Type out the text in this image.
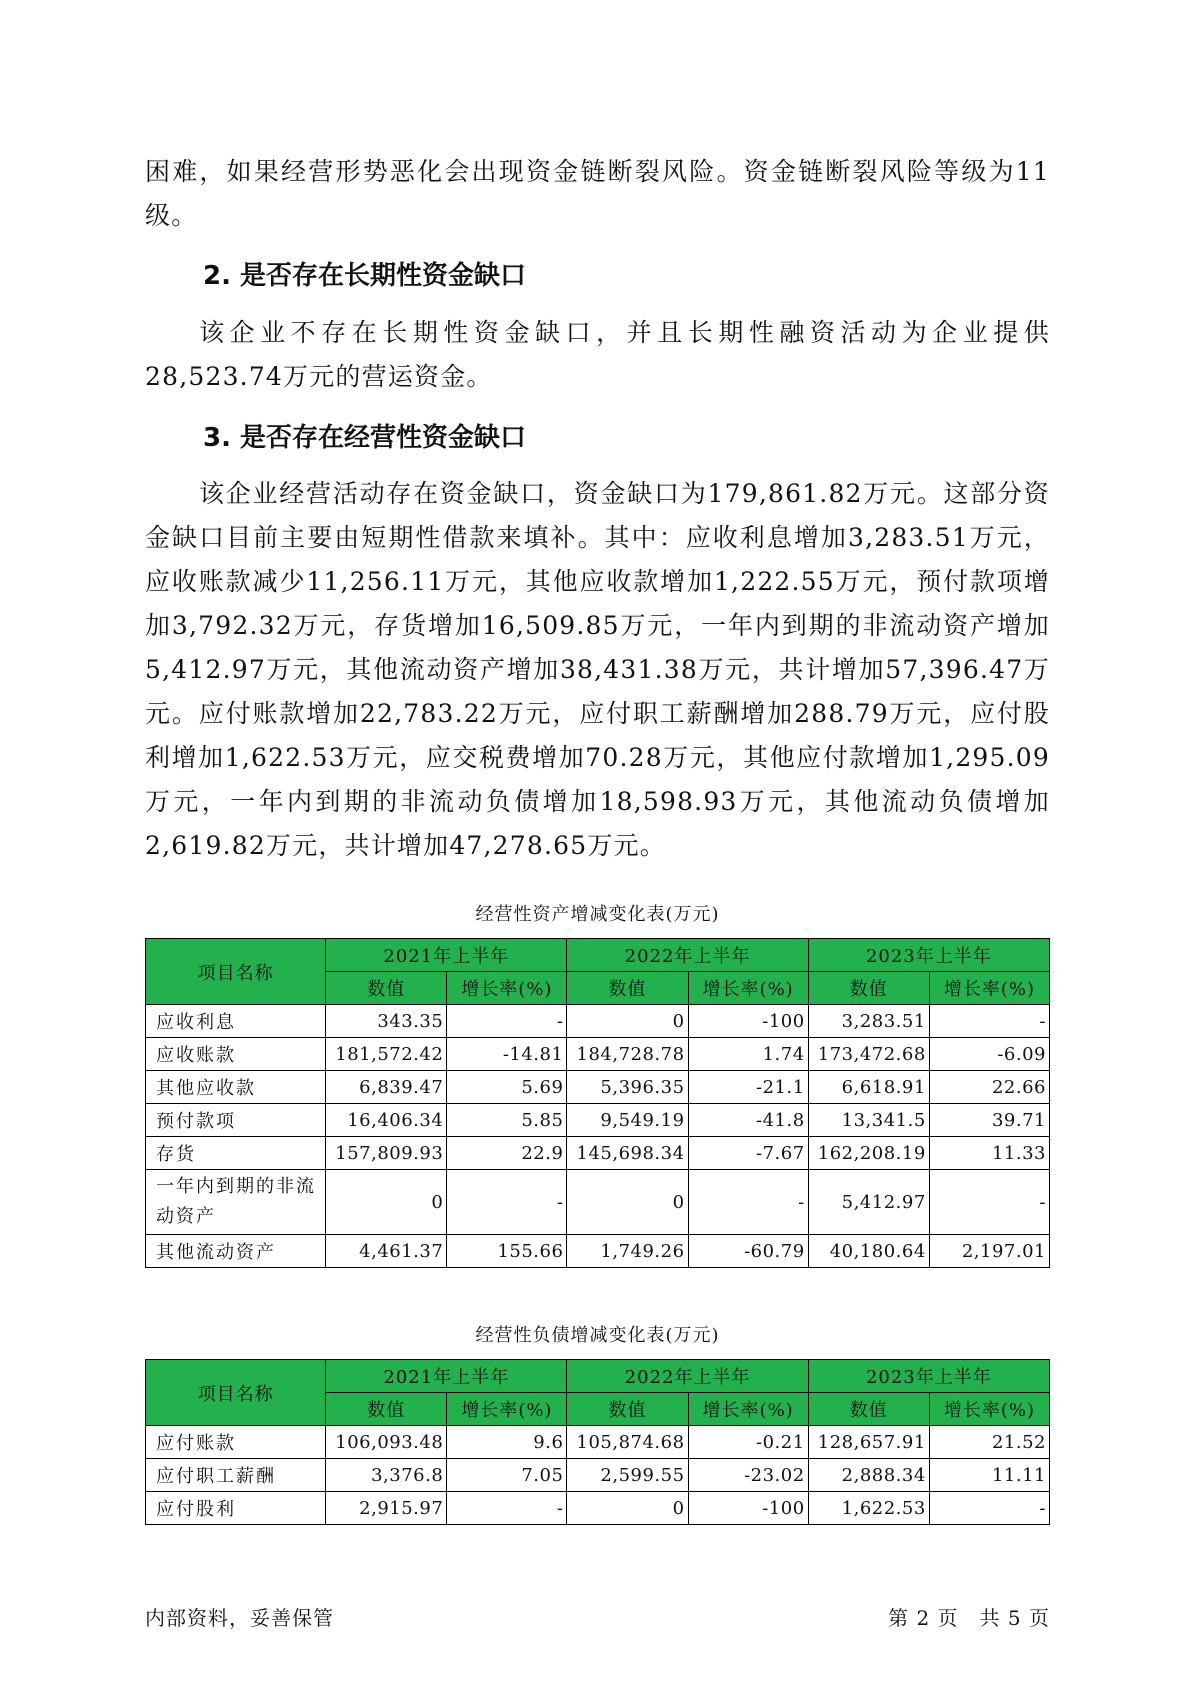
困难，如果经营形势恶化会出现资金链断裂风险。资金链断裂风险等级为11级。

2. 是否存在长期性资金缺口

该企业不存在长期性资金缺口，并且长期性融资活动为企业提供28,523.74万元的营运资金。

3. 是否存在经营性资金缺口

该企业经营活动存在资金缺口，资金缺口为179,861.82万元。这部分资金缺口目前主要由短期性借款来填补。其中：应收利息增加3,283.51万元，应收账款减少11,256.11万元，其他应收款增加1,222.55万元，预付款项增加3,792.32万元，存货增加16,509.85万元，一年内到期的非流动资产增加5,412.97万元，其他流动资产增加38,431.38万元，共计增加57,396.47万元。应付账款增加22,783.22万元，应付职工薪酬增加288.79万元，应付股利增加1,622.53万元，应交税费增加70.28万元，其他应付款增加1,295.09万元，一年内到期的非流动负债增加18,598.93万元，其他流动负债增加2,619.82万元，共计增加47,278.65万元。

经营性资产增减变化表(万元)
项目名称	2021年上半年		2022年上半年		2023年上半年	
	数值	增长率(%)	数值	增长率(%)	数值	增长率(%)
应收利息	343.35	-	0	-100	3,283.51	-
应收账款	181,572.42	-14.81	184,728.78	1.74	173,472.68	-6.09
其他应收款	6,839.47	5.69	5,396.35	-21.1	6,618.91	22.66
预付款项	16,406.34	5.85	9,549.19	-41.8	13,341.5	39.71
存货	157,809.93	22.9	145,698.34	-7.67	162,208.19	11.33
一年内到期的非流动资产	0	-	0	-	5,412.97	-
其他流动资产	4,461.37	155.66	1,749.26	-60.79	40,180.64	2,197.01
经营性负债增减变化表(万元)
项目名称	2021年上半年		2022年上半年		2023年上半年	
	数值	增长率(%)	数值	增长率(%)	数值	增长率(%)
应付账款	106,093.48	9.6	105,874.68	-0.21	128,657.91	21.52
应付职工薪酬	3,376.8	7.05	2,599.55	-23.02	2,888.34	11.11
应付股利	2,915.97	-	0	-100	1,622.53	-
内部资料，妥善保管	第 2 页　共 5 页
